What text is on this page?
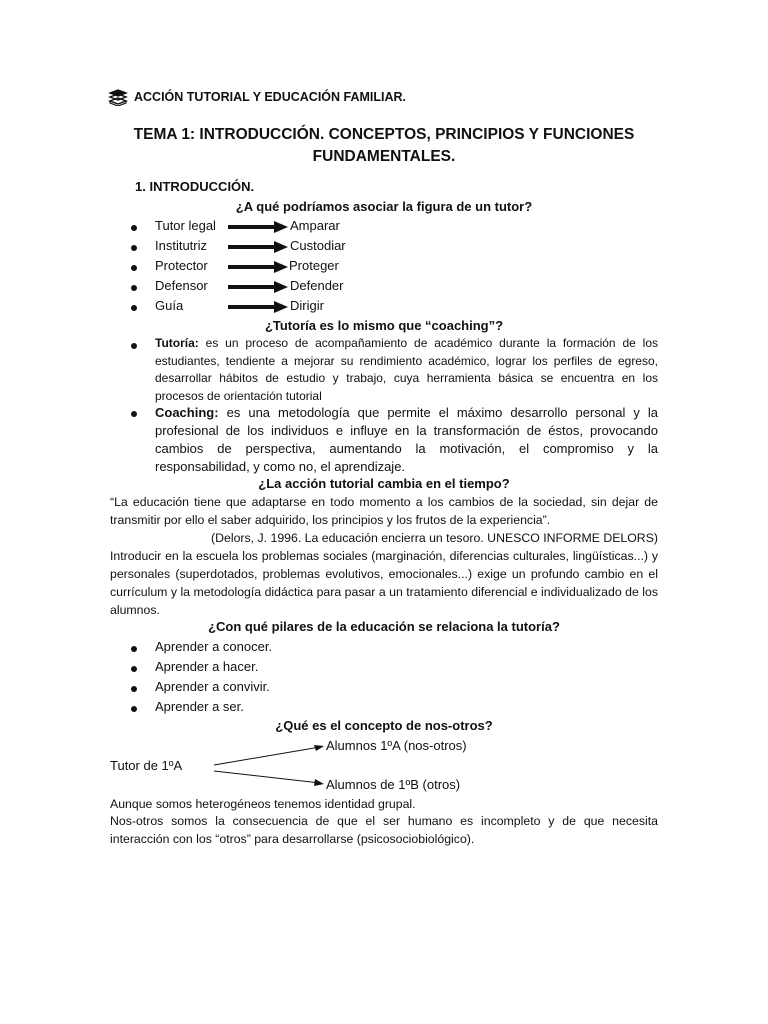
ACCIÓN TUTORIAL Y EDUCACIÓN FAMILIAR.
TEMA 1: INTRODUCCIÓN. CONCEPTOS, PRINCIPIOS Y FUNCIONES FUNDAMENTALES.
1. INTRODUCCIÓN.
¿A qué podríamos asociar la figura de un tutor?
Tutor legal	Amparar
Institutriz	Custodiar
Protector	Proteger
Defensor	Defender
Guía	Dirigir
¿Tutoría es lo mismo que “coaching”?
Tutoría: es un proceso de acompañamiento de académico durante la formación de los estudiantes, tendiente a mejorar su rendimiento académico, lograr los perfiles de egreso, desarrollar hábitos de estudio y trabajo, cuya herramienta básica se encuentra en los procesos de orientación tutorial
Coaching: es una metodología que permite el máximo desarrollo personal y la profesional de los individuos e influye en la transformación de éstos, provocando cambios de perspectiva, aumentando la motivación, el compromiso y la responsabilidad, y como no, el aprendizaje.
¿La acción tutorial cambia en el tiempo?
“La educación tiene que adaptarse en todo momento a los cambios de la sociedad, sin dejar de transmitir por ello el saber adquirido, los principios y los frutos de la experiencia”.
(Delors, J. 1996. La educación encierra un tesoro. UNESCO INFORME DELORS)
Introducir en la escuela los problemas sociales (marginación, diferencias culturales, lingüísticas...) y personales (superdotados, problemas evolutivos, emocionales...) exige un profundo cambio en el currículum y la metodología didáctica para pasar a un tratamiento diferencial e individualizado de los alumnos.
¿Con qué pilares de la educación se relaciona la tutoría?
Aprender a conocer.
Aprender a hacer.
Aprender a convivir.
Aprender a ser.
¿Qué es el concepto de nos-otros?
Alumnos 1ºA (nos-otros)
Tutor de 1ºA
Alumnos de 1ºB (otros)
Aunque somos heterogéneos tenemos identidad grupal.
Nos-otros somos la consecuencia de que el ser humano es incompleto y de que necesita interacción con los “otros” para desarrollarse (psicosociobiológico).
